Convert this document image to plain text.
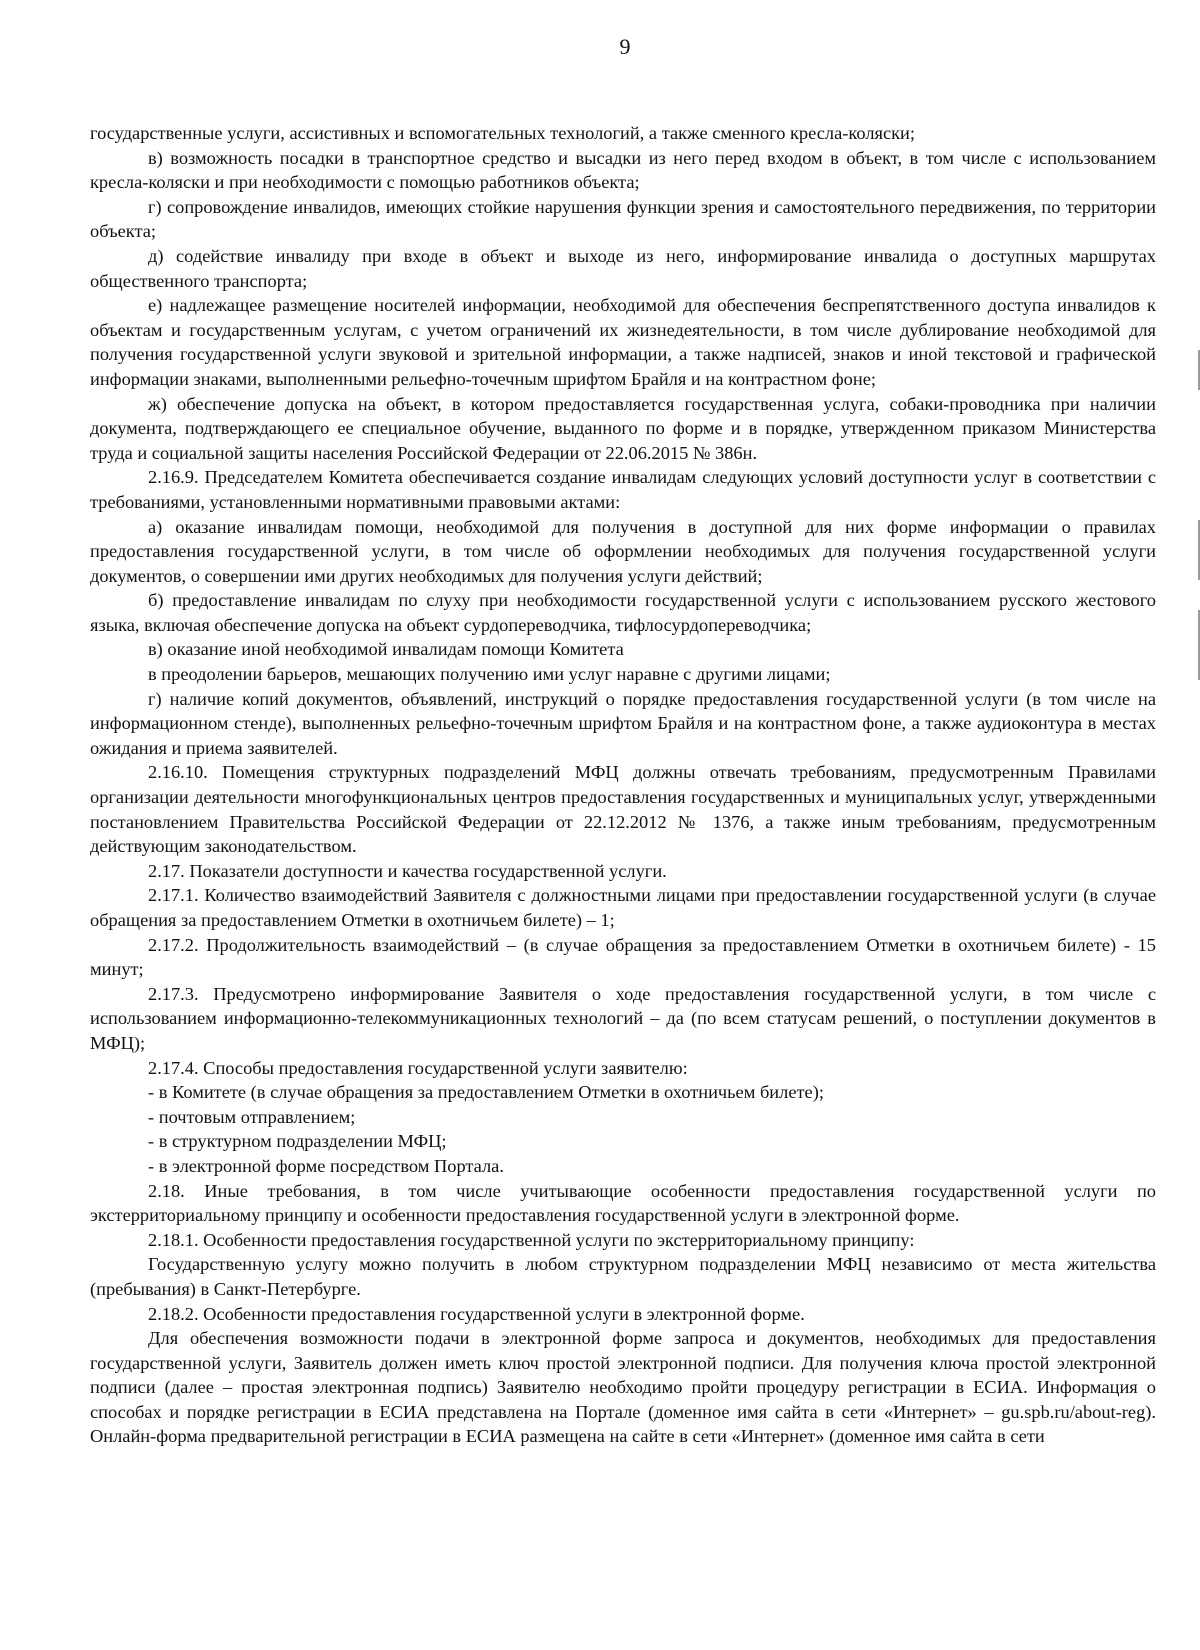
9

государственные услуги, ассистивных и вспомогательных технологий, а также сменного кресла-коляски;

в) возможность посадки в транспортное средство и высадки из него перед входом в объект, в том числе с использованием кресла-коляски и при необходимости с помощью работников объекта;

г) сопровождение инвалидов, имеющих стойкие нарушения функции зрения и самостоятельного передвижения, по территории объекта;

д) содействие инвалиду при входе в объект и выходе из него, информирование инвалида о доступных маршрутах общественного транспорта;

е) надлежащее размещение носителей информации, необходимой для обеспечения беспрепятственного доступа инвалидов к объектам и государственным услугам, с учетом ограничений их жизнедеятельности, в том числе дублирование необходимой для получения государственной услуги звуковой и зрительной информации, а также надписей, знаков и иной текстовой и графической информации знаками, выполненными рельефно-точечным шрифтом Брайля и на контрастном фоне;

ж) обеспечение допуска на объект, в котором предоставляется государственная услуга, собаки-проводника при наличии документа, подтверждающего ее специальное обучение, выданного по форме и в порядке, утвержденном приказом Министерства труда и социальной защиты населения Российской Федерации от 22.06.2015 № 386н.

2.16.9. Председателем Комитета обеспечивается создание инвалидам следующих условий доступности услуг в соответствии с требованиями, установленными нормативными правовыми актами:

а) оказание инвалидам помощи, необходимой для получения в доступной для них форме информации о правилах предоставления государственной услуги, в том числе об оформлении необходимых для получения государственной услуги документов, о совершении ими других необходимых для получения услуги действий;

б) предоставление инвалидам по слуху при необходимости государственной услуги с использованием русского жестового языка, включая обеспечение допуска на объект сурдопереводчика, тифлосурдопереводчика;

в) оказание иной необходимой инвалидам помощи Комитета

в преодолении барьеров, мешающих получению ими услуг наравне с другими лицами;

г) наличие копий документов, объявлений, инструкций о порядке предоставления государственной услуги (в том числе на информационном стенде), выполненных рельефно-точечным шрифтом Брайля и на контрастном фоне, а также аудиоконтура в местах ожидания и приема заявителей.

2.16.10. Помещения структурных подразделений МФЦ должны отвечать требованиям, предусмотренным Правилами организации деятельности многофункциональных центров предоставления государственных и муниципальных услуг, утвержденными постановлением Правительства Российской Федерации от 22.12.2012 № 1376, а также иным требованиям, предусмотренным действующим законодательством.

2.17. Показатели доступности и качества государственной услуги.

2.17.1. Количество взаимодействий Заявителя с должностными лицами при предоставлении государственной услуги (в случае обращения за предоставлением Отметки в охотничьем билете) – 1;

2.17.2. Продолжительность взаимодействий – (в случае обращения за предоставлением Отметки в охотничьем билете) - 15 минут;

2.17.3. Предусмотрено информирование Заявителя о ходе предоставления государственной услуги, в том числе с использованием информационно-телекоммуникационных технологий – да (по всем статусам решений, о поступлении документов в МФЦ);

2.17.4. Способы предоставления государственной услуги заявителю:

- в Комитете (в случае обращения за предоставлением Отметки в охотничьем билете);

- почтовым отправлением;

- в структурном подразделении МФЦ;

- в электронной форме посредством Портала.

2.18. Иные требования, в том числе учитывающие особенности предоставления государственной услуги по экстерриториальному принципу и особенности предоставления государственной услуги в электронной форме.

2.18.1. Особенности предоставления государственной услуги по экстерриториальному принципу:

Государственную услугу можно получить в любом структурном подразделении МФЦ независимо от места жительства (пребывания) в Санкт-Петербурге.

2.18.2. Особенности предоставления государственной услуги в электронной форме.

Для обеспечения возможности подачи в электронной форме запроса и документов, необходимых для предоставления государственной услуги, Заявитель должен иметь ключ простой электронной подписи. Для получения ключа простой электронной подписи (далее – простая электронная подпись) Заявителю необходимо пройти процедуру регистрации в ЕСИА. Информация о способах и порядке регистрации в ЕСИА представлена на Портале (доменное имя сайта в сети «Интернет» – gu.spb.ru/about-reg). Онлайн-форма предварительной регистрации в ЕСИА размещена на сайте в сети «Интернет» (доменное имя сайта в сети
